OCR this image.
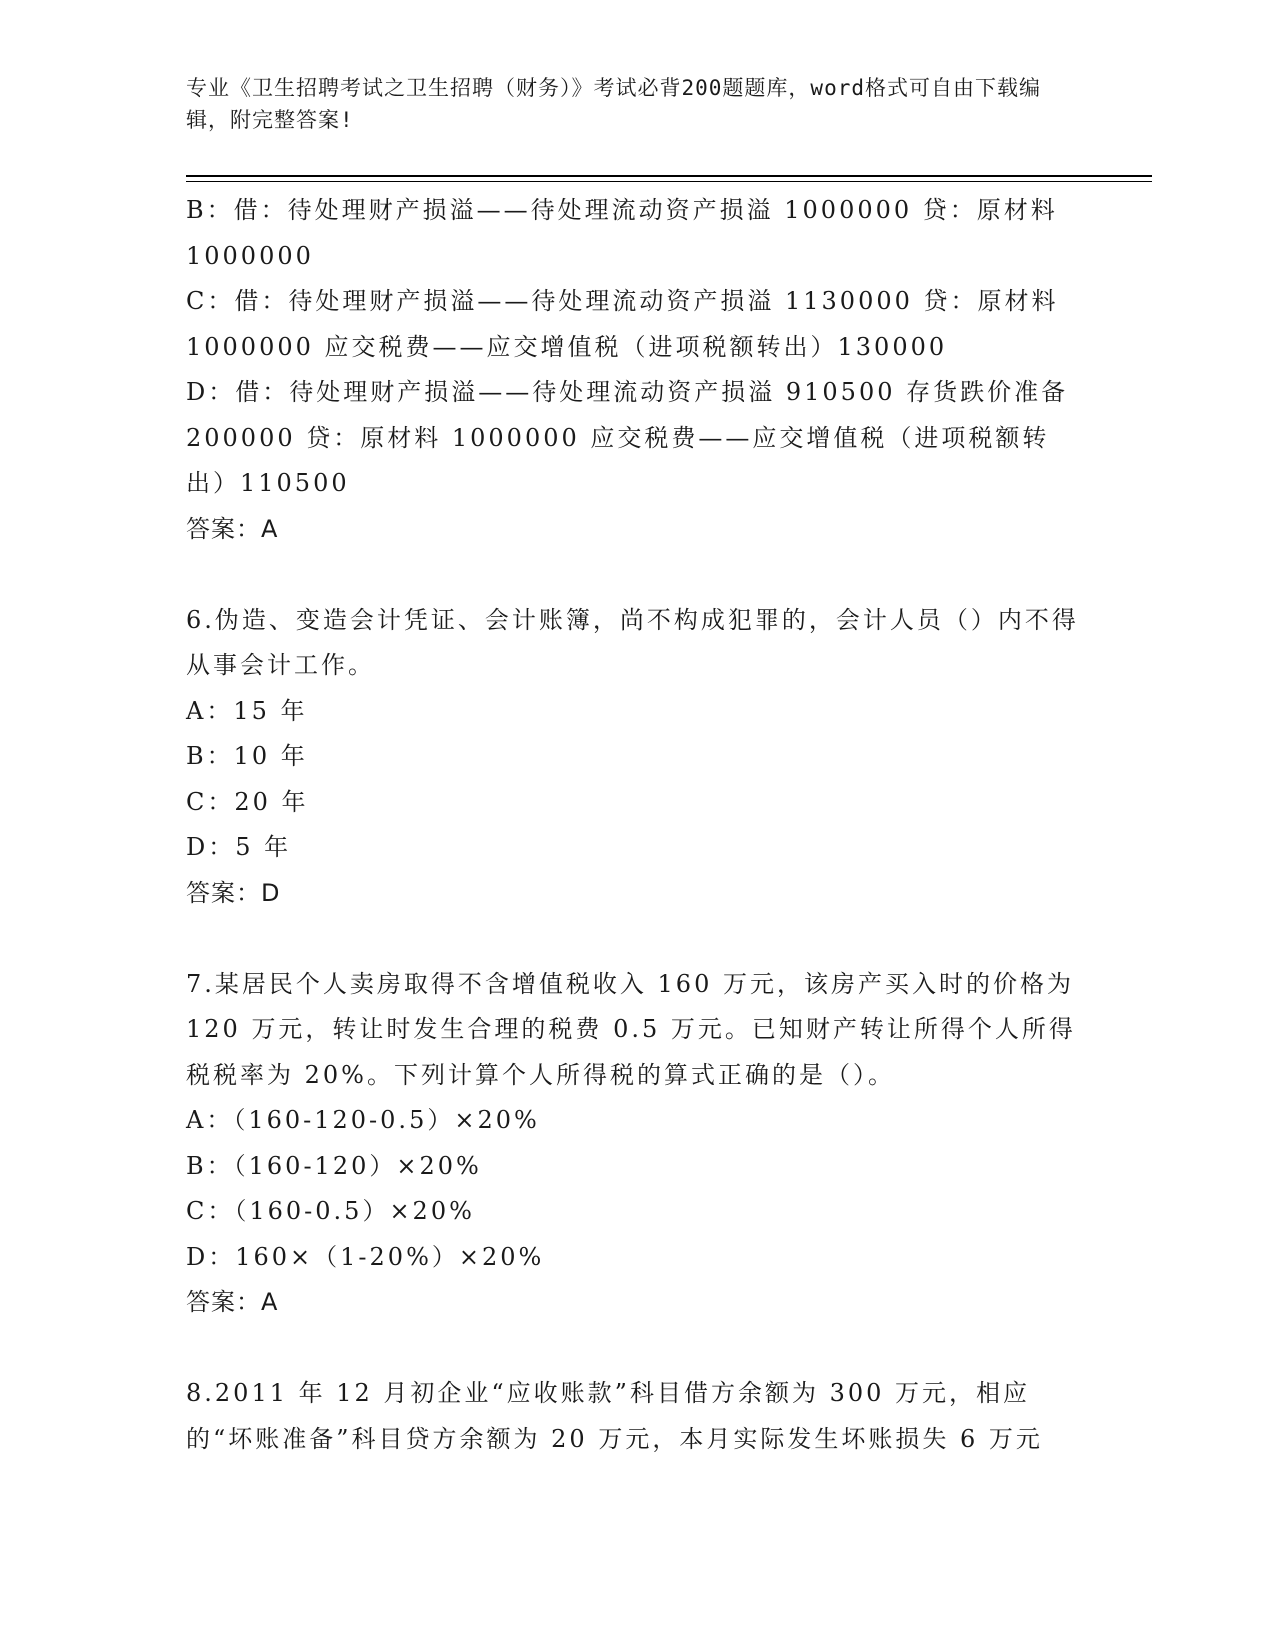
专业《卫生招聘考试之卫生招聘（财务）》考试必背200题题库，word格式可自由下载编辑，附完整答案!

B：借：待处理财产损溢——待处理流动资产损溢 1000000 贷：原材料 1000000

C：借：待处理财产损溢——待处理流动资产损溢 1130000 贷：原材料 1000000 应交税费——应交增值税（进项税额转出）130000

D：借：待处理财产损溢——待处理流动资产损溢 910500 存货跌价准备 200000 贷：原材料 1000000 应交税费——应交增值税（进项税额转出）110500

答案：A

6.伪造、变造会计凭证、会计账簿，尚不构成犯罪的，会计人员（）内不得从事会计工作。

A：15 年

B：10 年

C：20 年

D：5 年

答案：D

7.某居民个人卖房取得不含增值税收入 160 万元，该房产买入时的价格为 120 万元，转让时发生合理的税费 0.5 万元。已知财产转让所得个人所得税税率为 20%。下列计算个人所得税的算式正确的是（）。

A：（160-120-0.5）×20%

B：（160-120）×20%

C：（160-0.5）×20%

D：160×（1-20%）×20%

答案：A

8.2011 年 12 月初企业“应收账款”科目借方余额为 300 万元，相应的“坏账准备”科目贷方余额为 20 万元，本月实际发生坏账损失 6 万元
